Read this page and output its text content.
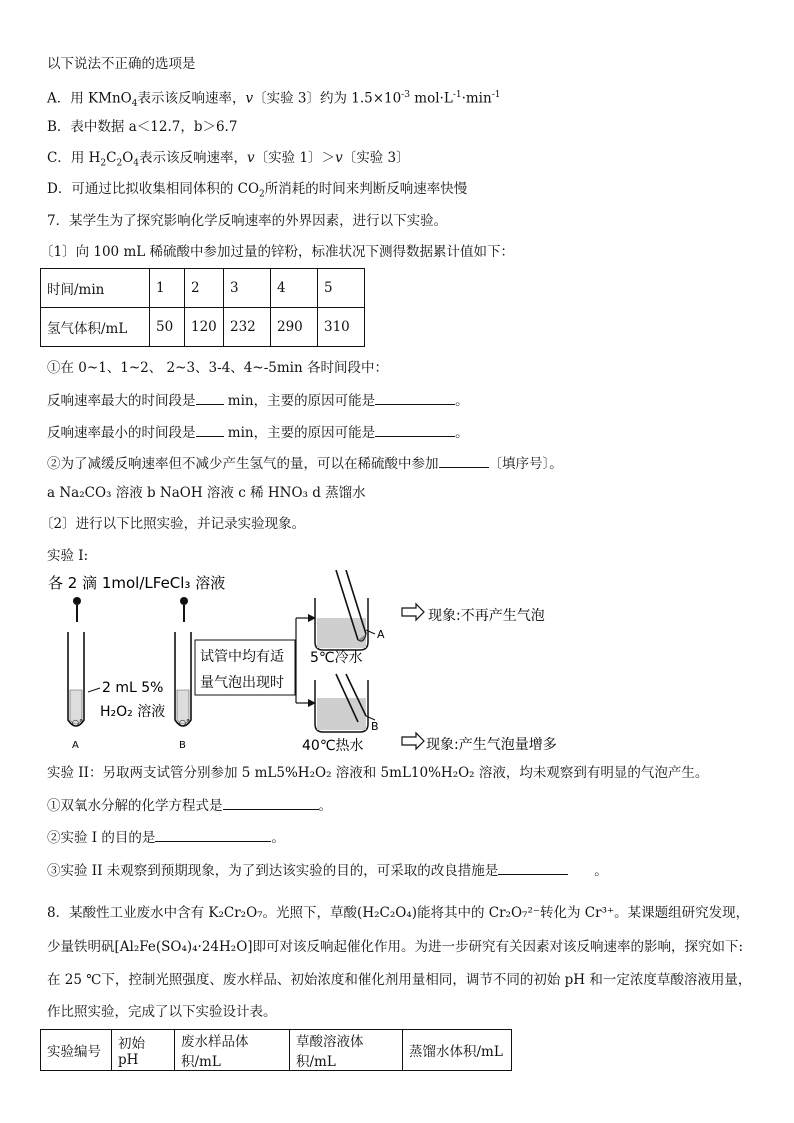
以下说法不正确的选项是
A．用 KMnO$_4$表示该反响速率，v〔实验 3〕约为 $1.5\times 10^{-3}$ $mol\cdot L^{-1}\cdot\min^{-1}$
B．表中数据 a＜12.7，b＞6.7
C．用 $H_2C_2O_4$表示该反响速率，v〔实验 1〕＞v〔实验 3〕
D．可通过比拟收集相同体积的 $CO_2$所消耗的时间来判断反响速率快慢
7．某学生为了探究影响化学反响速率的外界因素，进行以下实验。
〔1〕向 100 mL 稀硫酸中参加过量的锌粉，标准状况下测得数据累计值如下：
时间/min	1	2	3	4	5
氢气体积/mL	50	120	232	290	310
①在 0~1、1~2、 2~3、3-4、4~-5min 各时间段中：
反响速率最大的时间段是 min，主要的原因可能是	。
反响速率最小的时间段是 min，主要的原因可能是	。
②为了减缓反响速率但不减少产生氢气的量，可以在稀硫酸中参加	〔填序号〕。
a Na₂CO₃ 溶液 b NaOH 溶液 c 稀 HNO₃ d 蒸馏水
〔2〕进行以下比照实验，并记录实验现象。
实验 I:
各 2 滴 1mol/LFeCl₃ 溶液
○°
A
2 mL 5%
H₂O₂ 溶液
○°
B
试管中均有适
量气泡出现时
A
5℃冷水
B
40℃热水
现象:不再产生气泡
现象:产生气泡量增多
实验 II：另取两支试管分别参加 5 mL5%H₂O₂ 溶液和 5mL10%H₂O₂ 溶液，均未观察到有明显的气泡产生。
①双氧水分解的化学方程式是	。
②实验 I 的目的是	。
③实验 II 未观察到预期现象，为了到达该实验的目的，可采取的改良措施是	。
8．某酸性工业废水中含有 K₂Cr₂O₇。光照下，草酸(H₂C₂O₄)能将其中的 Cr₂O₇²⁻转化为 Cr³⁺。某课题组研究发现，
少量铁明矾[Al₂Fe(SO₄)₄·24H₂O]即可对该反响起催化作用。为进一步研究有关因素对该反响速率的影响，探究如下:
在 25 ℃下，控制光照强度、废水样品、初始浓度和催化剂用量相同，调节不同的初始 pH 和一定浓度草酸溶液用量，
作比照实验，完成了以下实验设计表。
实验编号	初始 pH	废水样品体积/mL	草酸溶液体积/mL	蒸馏水体积/mL
